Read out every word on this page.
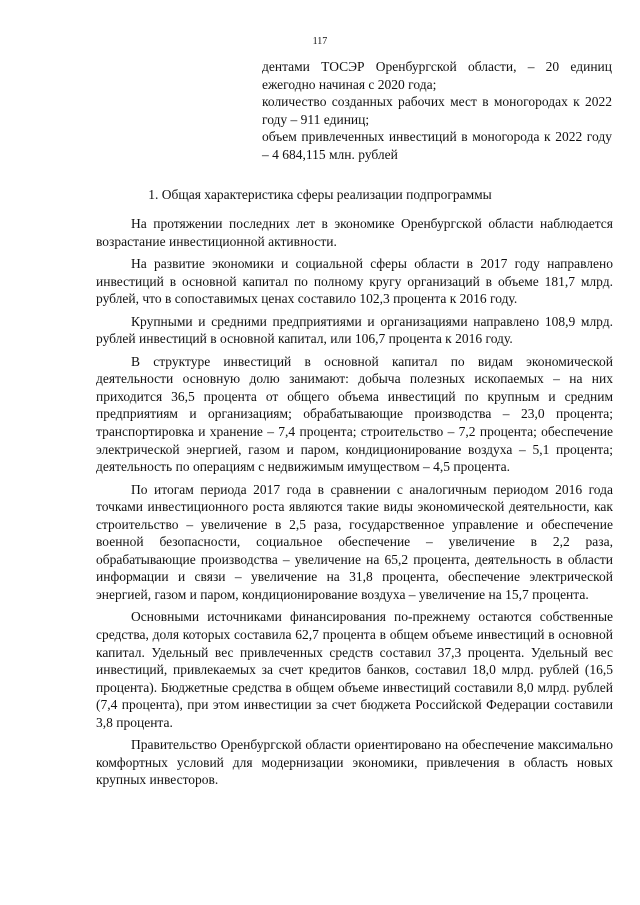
117

дентами ТОСЭР Оренбургской области, – 20 единиц ежегодно начиная с 2020 года;

количество созданных рабочих мест в моногородах к 2022 году – 911 единиц;

объем привлеченных инвестиций в моногорода к 2022 году – 4 684,115 млн. рублей

1. Общая характеристика сферы реализации подпрограммы

На протяжении последних лет в экономике Оренбургской области наблюдается возрастание инвестиционной активности.

На развитие экономики и социальной сферы области в 2017 году направлено инвестиций в основной капитал по полному кругу организаций в объеме 181,7 млрд. рублей, что в сопоставимых ценах составило 102,3 процента к 2016 году.

Крупными и средними предприятиями и организациями направлено 108,9 млрд. рублей инвестиций в основной капитал, или 106,7 процента к 2016 году.

В структуре инвестиций в основной капитал по видам экономической деятельности основную долю занимают: добыча полезных ископаемых – на них приходится 36,5 процента от общего объема инвестиций по крупным и средним предприятиям и организациям; обрабатывающие производства – 23,0 процента; транспортировка и хранение – 7,4 процента; строительство – 7,2 процента; обеспечение электрической энергией, газом и паром, кондиционирование воздуха – 5,1 процента; деятельность по операциям с недвижимым имуществом – 4,5 процента.

По итогам периода 2017 года в сравнении с аналогичным периодом 2016 года точками инвестиционного роста являются такие виды экономической деятельности, как строительство – увеличение в 2,5 раза, государственное управление и обеспечение военной безопасности, социальное обеспечение – увеличение в 2,2 раза, обрабатывающие производства – увеличение на 65,2 процента, деятельность в области информации и связи – увеличение на 31,8 процента, обеспечение электрической энергией, газом и паром, кондиционирование воздуха – увеличение на 15,7 процента.

Основными источниками финансирования по-прежнему остаются собственные средства, доля которых составила 62,7 процента в общем объеме инвестиций в основной капитал. Удельный вес привлеченных средств составил 37,3 процента. Удельный вес инвестиций, привлекаемых за счет кредитов банков, составил 18,0 млрд. рублей (16,5 процента). Бюджетные средства в общем объеме инвестиций составили 8,0 млрд. рублей (7,4 процента), при этом инвестиции за счет бюджета Российской Федерации составили 3,8 процента.

Правительство Оренбургской области ориентировано на обеспечение максимально комфортных условий для модернизации экономики, привлечения в область новых крупных инвесторов.
